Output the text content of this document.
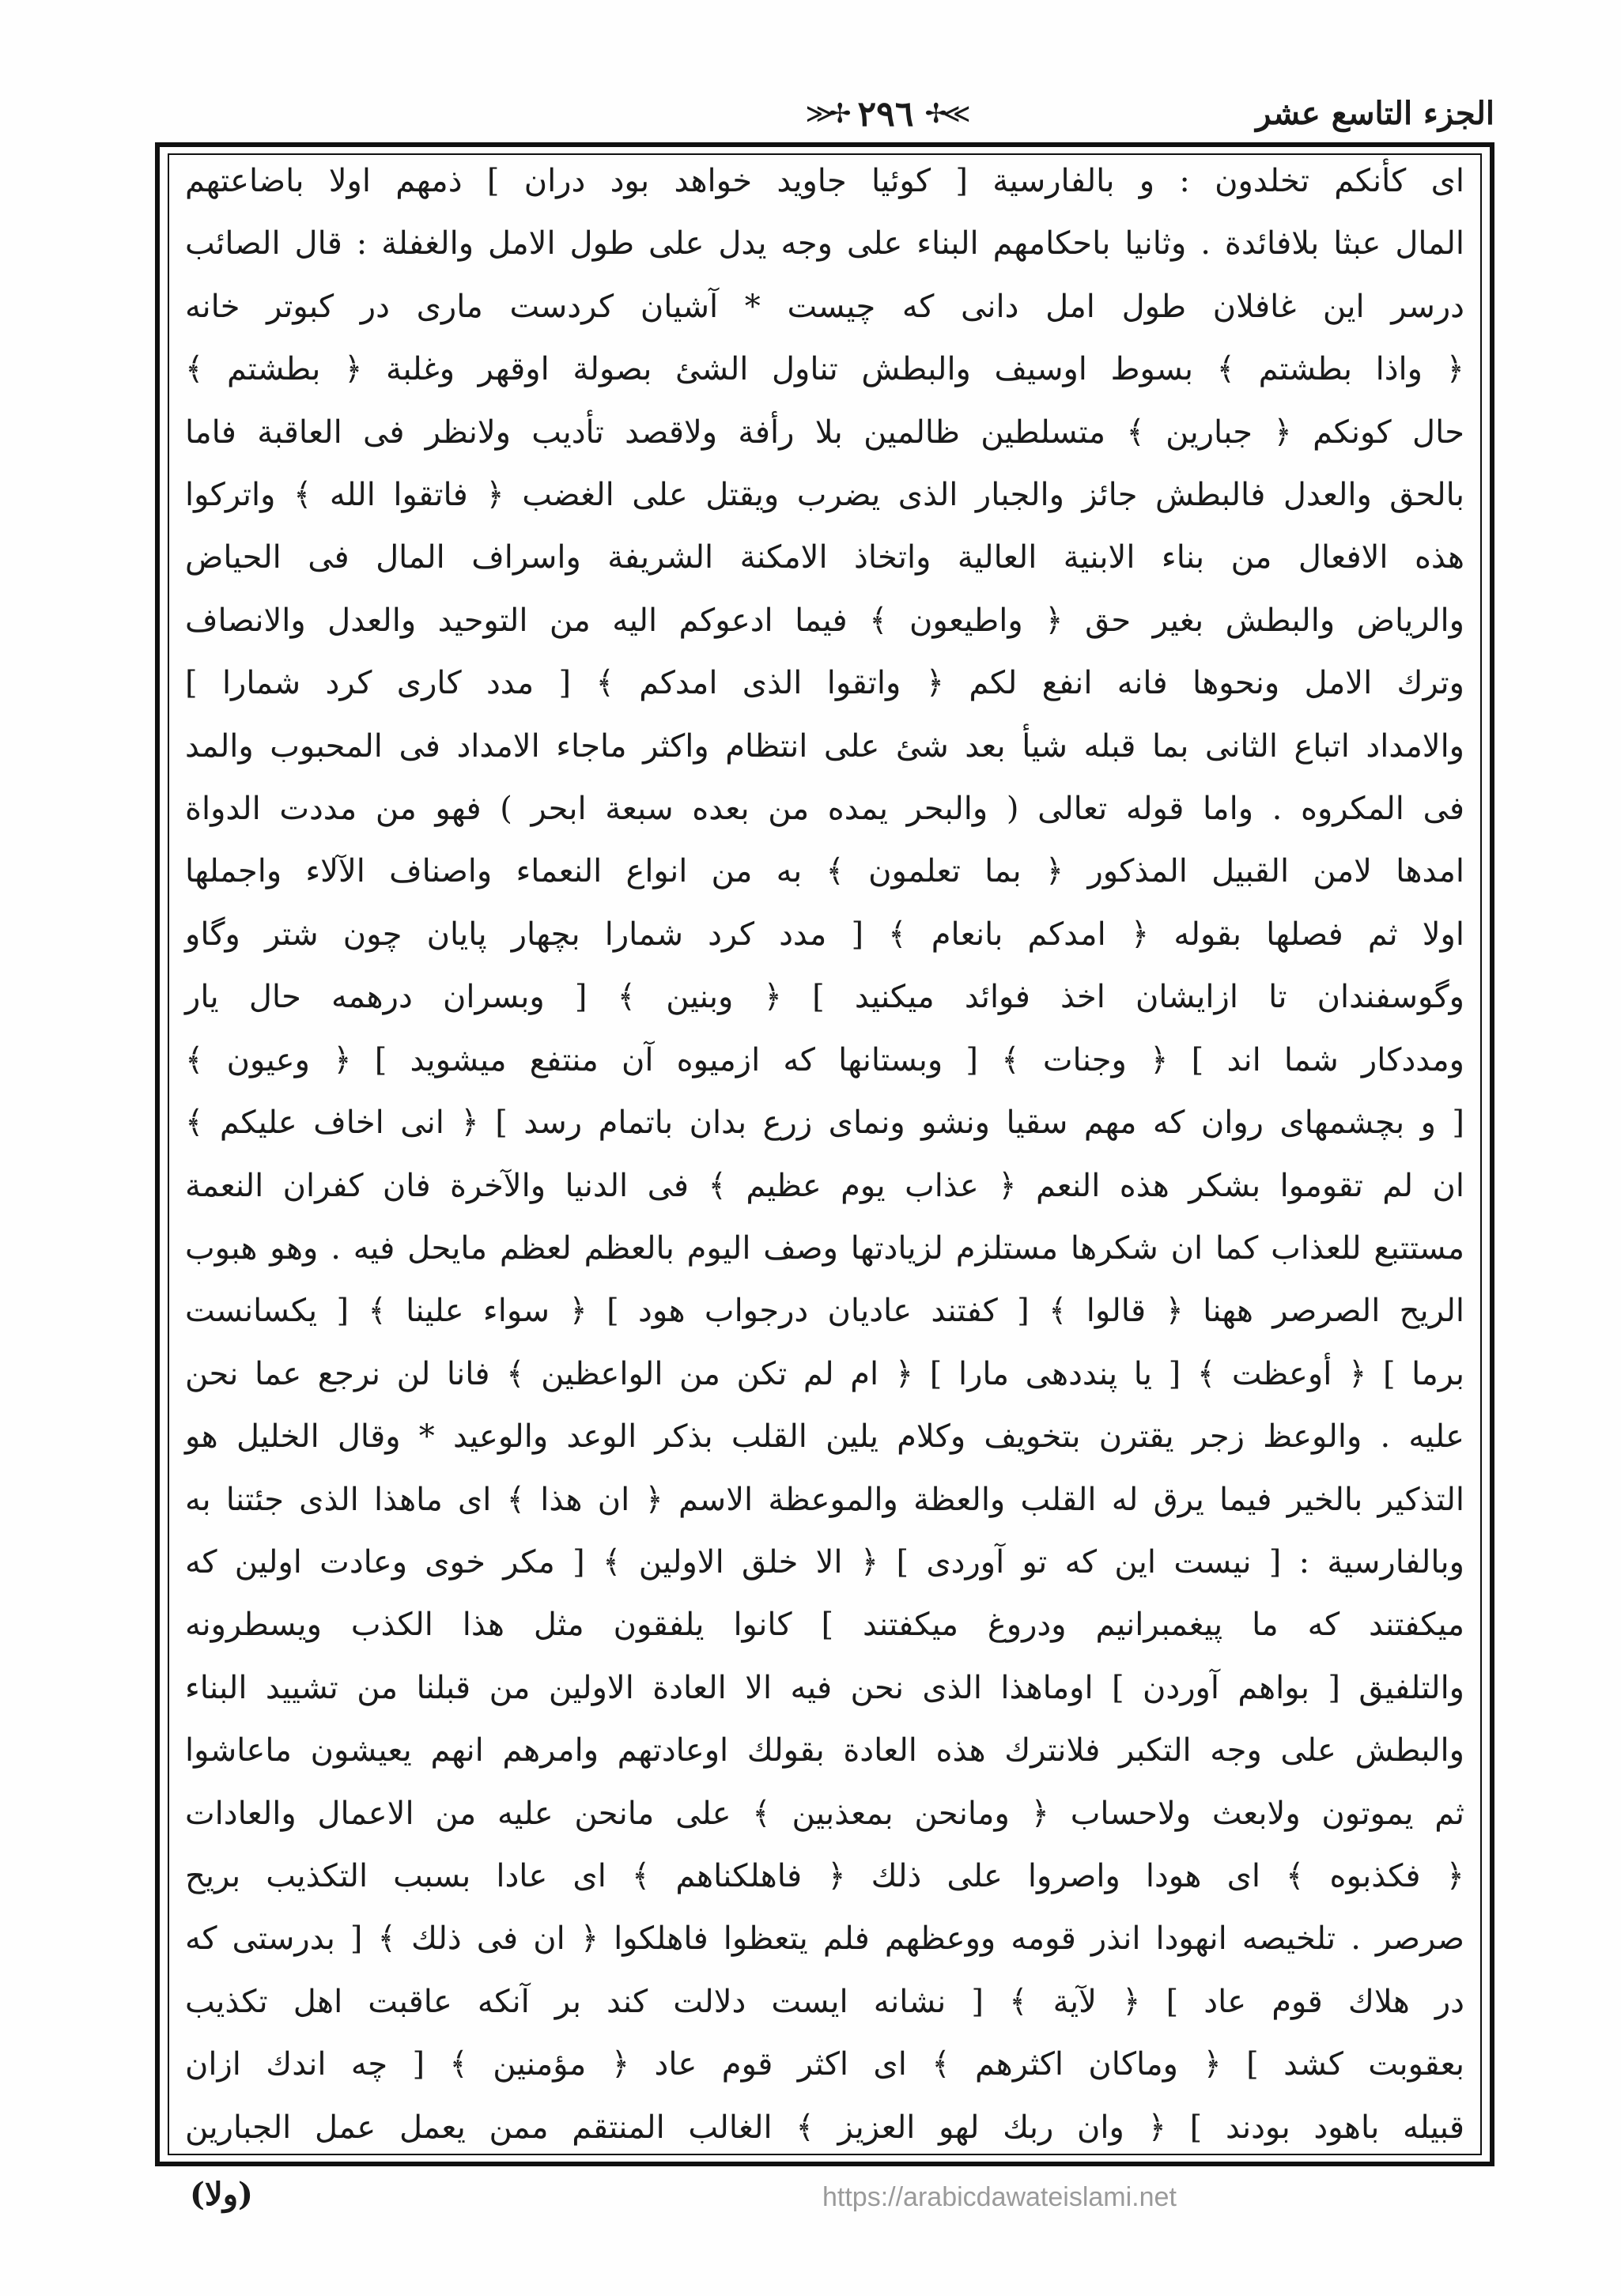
الجزء التاسع عشر
≫✢ ٢٩٦ ✢≪
اى كأنكم تخلدون : و بالفارسية [ كوئيا جاويد خواهد بود دران ] ذمهم اولا باضاعتهم
المال عبثا بلافائدة . وثانيا باحكامهم البناء على وجه يدل على طول الامل والغفلة : قال الصائب
درسر اين غافلان طول امل دانى كه چيست * آشيان كردست مارى در كبوتر خانه
﴿ واذا بطشتم ﴾ بسوط اوسيف والبطش تناول الشئ بصولة اوقهر وغلبة ﴿ بطشتم ﴾
حال كونكم ﴿ جبارين ﴾ متسلطين ظالمين بلا رأفة ولاقصد تأديب ولانظر فى العاقبة فاما
بالحق والعدل فالبطش جائز والجبار الذى يضرب ويقتل على الغضب ﴿ فاتقوا الله ﴾ واتركوا
هذه الافعال من بناء الابنية العالية واتخاذ الامكنة الشريفة واسراف المال فى الحياض
والرياض والبطش بغير حق ﴿ واطيعون ﴾ فيما ادعوكم اليه من التوحيد والعدل والانصاف
وترك الامل ونحوها فانه انفع لكم ﴿ واتقوا الذى امدكم ﴾ [ مدد كارى كرد شمارا ]
والامداد اتباع الثانى بما قبله شيأ بعد شئ على انتظام واكثر ماجاء الامداد فى المحبوب والمد
فى المكروه . واما قوله تعالى ( والبحر يمده من بعده سبعة ابحر ) فهو من مددت الدواة
امدها لامن القبيل المذكور ﴿ بما تعلمون ﴾ به من انواع النعماء واصناف الآلاء واجملها
اولا ثم فصلها بقوله ﴿ امدكم بانعام ﴾ [ مدد كرد شمارا بچهار پايان چون شتر وگاو
وگوسفندان تا ازايشان اخذ فوائد ميكنيد ] ﴿ وبنين ﴾ [ وبسران درهمه حال يار
ومددكار شما اند ] ﴿ وجنات ﴾ [ وبستانها كه ازميوه آن منتفع ميشويد ] ﴿ وعيون ﴾
[ و بچشمهاى روان كه مهم سقيا ونشو ونماى زرع بدان باتمام رسد ] ﴿ انى اخاف عليكم ﴾
ان لم تقوموا بشكر هذه النعم ﴿ عذاب يوم عظيم ﴾ فى الدنيا والآخرة فان كفران النعمة
مستتبع للعذاب كما ان شكرها مستلزم لزيادتها وصف اليوم بالعظم لعظم مايحل فيه . وهو هبوب
الريح الصرصر ههنا ﴿ قالوا ﴾ [ كفتند عاديان درجواب هود ] ﴿ سواء علينا ﴾ [ يكسانست
برما ] ﴿ أوعظت ﴾ [ يا پنددهى مارا ] ﴿ ام لم تكن من الواعظين ﴾ فانا لن نرجع عما نحن
عليه . والوعظ زجر يقترن بتخويف وكلام يلين القلب بذكر الوعد والوعيد * وقال الخليل هو
التذكير بالخير فيما يرق له القلب والعظة والموعظة الاسم ﴿ ان هذا ﴾ اى ماهذا الذى جئتنا به
وبالفارسية : [ نيست اين كه تو آوردى ] ﴿ الا خلق الاولين ﴾ [ مكر خوى وعادت اولين كه
ميكفتند كه ما پيغمبرانيم ودروغ ميكفتند ] كانوا يلفقون مثل هذا الكذب ويسطرونه
والتلفيق [ بواهم آوردن ] اوماهذا الذى نحن فيه الا العادة الاولين من قبلنا من تشييد البناء
والبطش على وجه التكبر فلانترك هذه العادة بقولك اوعادتهم وامرهم انهم يعيشون ماعاشوا
ثم يموتون ولابعث ولاحساب ﴿ ومانحن بمعذبين ﴾ على مانحن عليه من الاعمال والعادات
﴿ فكذبوه ﴾ اى هودا واصروا على ذلك ﴿ فاهلكناهم ﴾ اى عادا بسبب التكذيب بريح
صرصر . تلخيصه انهودا انذر قومه ووعظهم فلم يتعظوا فاهلكوا ﴿ ان فى ذلك ﴾ [ بدرستى كه
در هلاك قوم عاد ] ﴿ لآية ﴾ [ نشانه ايست دلالت كند بر آنكه عاقبت اهل تكذيب
بعقوبت كشد ] ﴿ وماكان اكثرهم ﴾ اى اكثر قوم عاد ﴿ مؤمنين ﴾ [ چه اندك ازان
قبيله باهود بودند ] ﴿ وان ربك لهو العزيز ﴾ الغالب المنتقم ممن يعمل عمل الجبارين
(ولا)	https://arabicdawateislami.net
